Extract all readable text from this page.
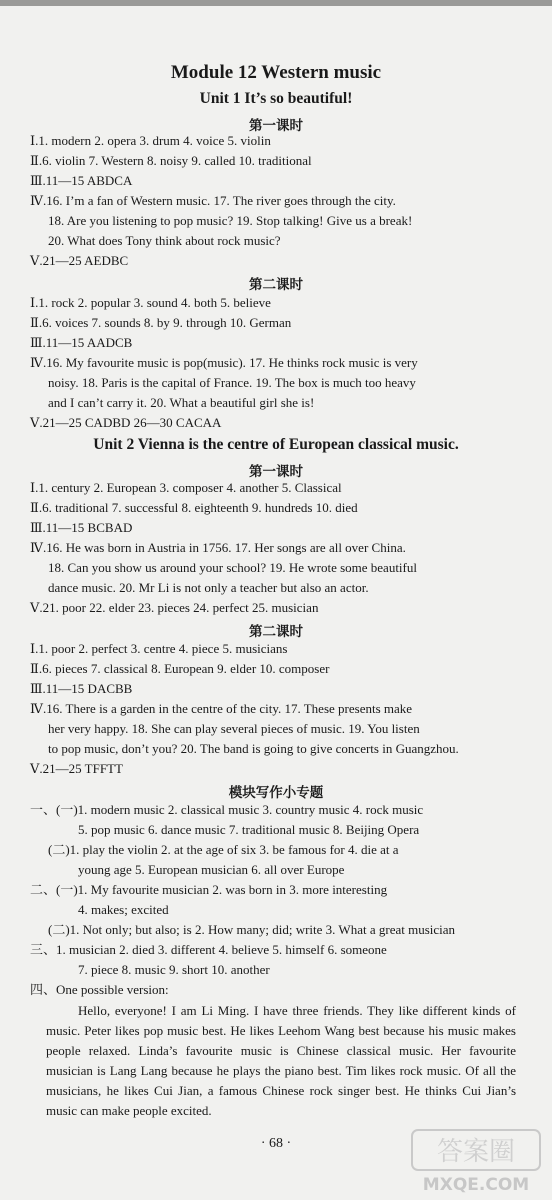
Module 12 Western music
Unit 1 It’s so beautiful!
第一课时
Ⅰ.1. modern 2. opera 3. drum 4. voice 5. violin
Ⅱ.6. violin 7. Western 8. noisy 9. called 10. traditional
Ⅲ.11—15 ABDCA
Ⅳ.16. I’m a fan of Western music. 17. The river goes through the city.
18. Are you listening to pop music? 19. Stop talking! Give us a break!
20. What does Tony think about rock music?
Ⅴ.21—25 AEDBC
第二课时
Ⅰ.1. rock 2. popular 3. sound 4. both 5. believe
Ⅱ.6. voices 7. sounds 8. by 9. through 10. German
Ⅲ.11—15 AADCB
Ⅳ.16. My favourite music is pop(music). 17. He thinks rock music is very
noisy. 18. Paris is the capital of France. 19. The box is much too heavy
and I can’t carry it. 20. What a beautiful girl she is!
Ⅴ.21—25 CADBD 26—30 CACAA
Unit 2 Vienna is the centre of European classical music.
第一课时
Ⅰ.1. century 2. European 3. composer 4. another 5. Classical
Ⅱ.6. traditional 7. successful 8. eighteenth 9. hundreds 10. died
Ⅲ.11—15 BCBAD
Ⅳ.16. He was born in Austria in 1756. 17. Her songs are all over China.
18. Can you show us around your school? 19. He wrote some beautiful
dance music. 20. Mr Li is not only a teacher but also an actor.
Ⅴ.21. poor 22. elder 23. pieces 24. perfect 25. musician
第二课时
Ⅰ.1. poor 2. perfect 3. centre 4. piece 5. musicians
Ⅱ.6. pieces 7. classical 8. European 9. elder 10. composer
Ⅲ.11—15 DACBB
Ⅳ.16. There is a garden in the centre of the city. 17. These presents make
her very happy. 18. She can play several pieces of music. 19. You listen
to pop music, don’t you? 20. The band is going to give concerts in Guangzhou.
Ⅴ.21—25 TFFTT
模块写作小专题
一、(一)1. modern music 2. classical music 3. country music 4. rock music
5. pop music 6. dance music 7. traditional music 8. Beijing Opera
(二)1. play the violin 2. at the age of six 3. be famous for 4. die at a
young age 5. European musician 6. all over Europe
二、(一)1. My favourite musician 2. was born in 3. more interesting
4. makes; excited
(二)1. Not only; but also; is 2. How many; did; write 3. What a great musician
三、1. musician 2. died 3. different 4. believe 5. himself 6. someone
7. piece 8. music 9. short 10. another
四、One possible version:
Hello, everyone! I am Li Ming. I have three friends. They like different kinds of music. Peter likes pop music best. He likes Leehom Wang best because his music makes people relaxed. Linda’s favourite music is Chinese classical music. Her favourite musician is Lang Lang because he plays the piano best. Tim likes rock music. Of all the musicians, he likes Cui Jian, a famous Chinese rock singer best. He thinks Cui Jian’s music can make people excited.
· 68 ·	答案圈
MXQE.COM
